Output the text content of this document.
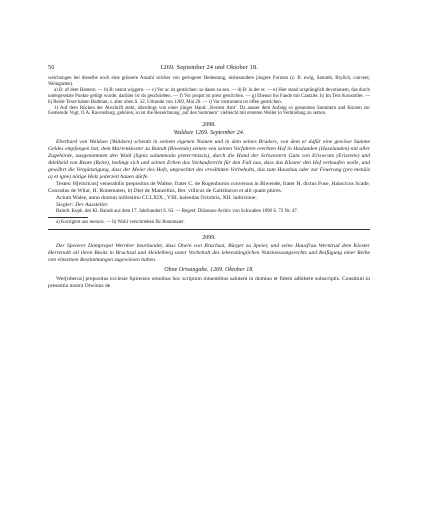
50	1269. September 24 und Oktober 18.

weichungen bei dieselbe noch eine grössere Anzahl solcher von geringerer Bedeutung, insbesondere jüngere Formen (z. B. ewig, Sarumb, Brylich, convent, Weingarten).

a) B: of dem Hamern. — b) B: nennt wiggern. — c) Vor ac ist gestrichen: so dases zu sen. — d) B: in der er. — e) Hier stand ursprünglich devotionem, das durch untergesetzte Punkte getilgt wurde; darüber ist dn geschrieben. — f) Vor propst ist prest gestrichen. — g) Ebenso bis Fande mit Cantzler. h) Im Text Konstoller. — b) Beide Texte haben Bodman; s. aber oben S. 32, Urkunde von 1269, Mai 26. — i) Vor instrument ist offen gestrichen.

1) Auf dem Rücken der Abschrift steht, allerdings von einer jünger Hand: ‚Kerrest Amt‘. Da ausser dem Anfang so genannten Summern und Kurzen zur Gemeinde Vogt, O.A. Ravensburg, gehören, so ist die Bezeichnung ‚auf den Summern‘ vielleicht mit ersteren Weiler in Verbindung zu setzen.

2098.
Waldsee 1269. September 24.

Eberhard von Waldsee (Waldsee) schenkt in seinem eigenen Namen und in dem seines Bruders, von dem er dafür eine gewisse Summe Geldes empfangen hat, dem Marienkloster zu Baindt (Biwende) seinen von seinen Vorfahren ererbten Hof in Haslanden (Haselanden) mit aller Zugehörde, ausgenommen den Wald (lignis solummodo preterrmissis), durch die Hand der Schwestern Guta von Eriswrate (Erisreite) und Adelheid von Reute (Reite), bedingt sich und seinen Erben das Vorkaufsrecht für den Fall aus, dass das Kloster den Hof verkaufen wolle, und gewährt die Vergünstigung, dass der Meier des Hofs, ungeachtet des erwähnten Vorbehalts, das zum Hausbau oder zur Feuerung (pro menûis a) et igne) nötige Holz jederzeit hauen dürfe.

Testes: H[einricus] venerabilis prepositus de Waltse, frater C. de Rogenburon conversus in Biwende, frater H. dictus Fuse, Haincicus Scade, Conradus de Wilar, H. Ronematen, b) Diet de Manzelins, Ber. villicus de Gaitzburon et alii quam plures.

Actum Walse, anno domini millesimo CCLXIX., VIII. kalendas Octobris, XII. indictione.

Siegler: Der Aussteller.

Baindt. Kopb. des Kl. Baindt aus dem 17. Jahrhundert S. 63. — Regest: Diözesan-Archiv von Schwaben 1890 S. 72 Nr. 47.

a) Korrigiert aus menois. — b) Wohl verschrieben für Ronemaier.

2099.

Der Speierer Dompropst Wernher beurkundet, dass Otwin von Bruchsal, Bürger zu Speier, und seine Hausfrau Werntrud dem Kloster Herrenalb all ihren Besitz in Bruchsal und Heidelberg unter Vorbehalt des lebenslänglichen Nutzniessungsrechts und Beifügung einer Reihe von einzelnen Bestimmungen zugewiesen haben.

Ohne Ortsangabe. 1269. Oktober 18.

Wer[nherus] prepositus ecclesie Spirensis omnibus hoc scriptum intuentibus salutem in domino et fidem adhibere subscriptis. Constituti in presentia nostra Otwinus de
